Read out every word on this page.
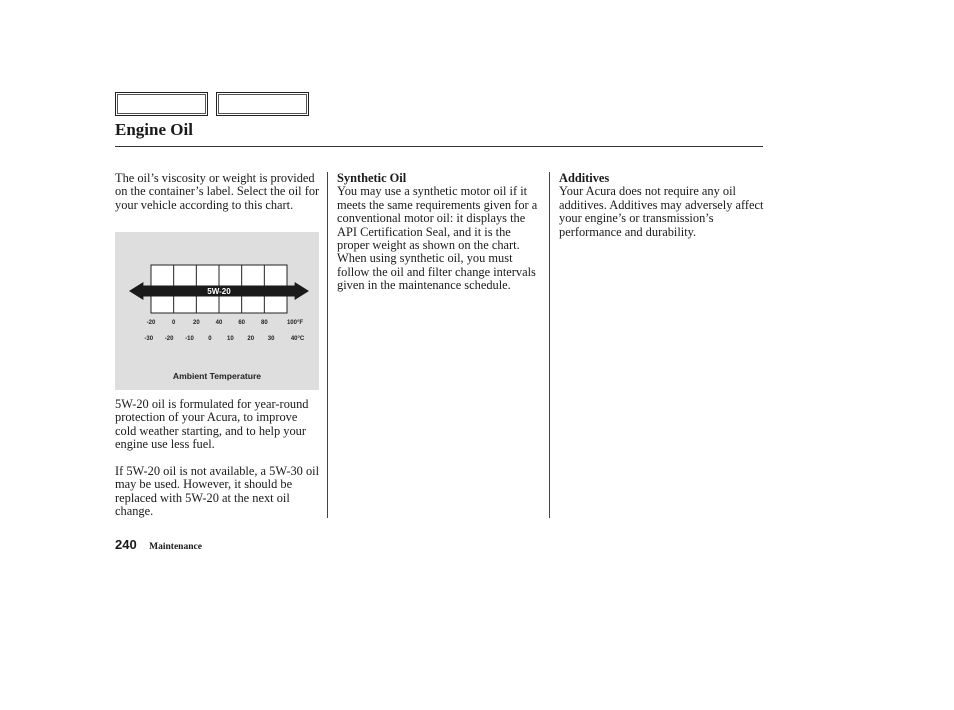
Engine Oil

The oil’s viscosity or weight is provided on the container’s label. Select the oil for your vehicle according to this chart.

5W-20
-20	0	20	40	60	80	100°F
-30 -20 -10 0	10 20 30	40°C
Ambient Temperature

5W-20 oil is formulated for year-round protection of your Acura, to improve cold weather starting, and to help your engine use less fuel.

If 5W-20 oil is not available, a 5W-30 oil may be used. However, it should be replaced with 5W-20 at the next oil change.

Synthetic Oil

You may use a synthetic motor oil if it meets the same requirements given for a conventional motor oil: it displays the API Certification Seal, and it is the proper weight as shown on the chart. When using synthetic oil, you must follow the oil and filter change intervals given in the maintenance schedule.

Additives

Your Acura does not require any oil additives. Additives may adversely affect your engine’s or transmission’s performance and durability.

240 Maintenance
